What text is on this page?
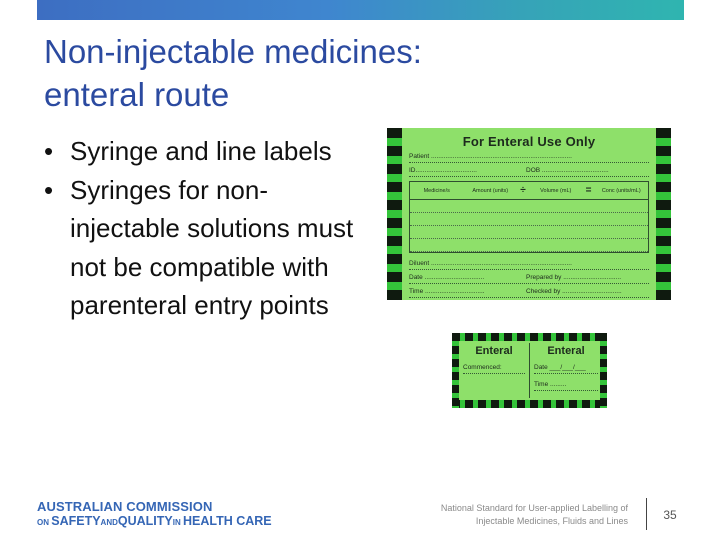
Non-injectable medicines:
enteral route
• Syringe and line labels
• Syringes for non-injectable solutions must not be compatible with parenteral entry points
For Enteral Use Only
Patient ..............................................................................
ID..................................	DOB .....................................
Medicine/s	Amount (units)	÷	Volume (mL)	=	Conc (units/mL)
Diluent ..............................................................................
Date .................................	Prepared by ................................
Time .................................	Checked by .................................
Enteral
Commenced:
Enteral
Date ___/___/___
Time .........
AUSTRALIAN COMMISSION
ON SAFETYANDQUALITYIN HEALTH CARE
National Standard for User-applied Labelling of
Injectable Medicines, Fluids and Lines	35
